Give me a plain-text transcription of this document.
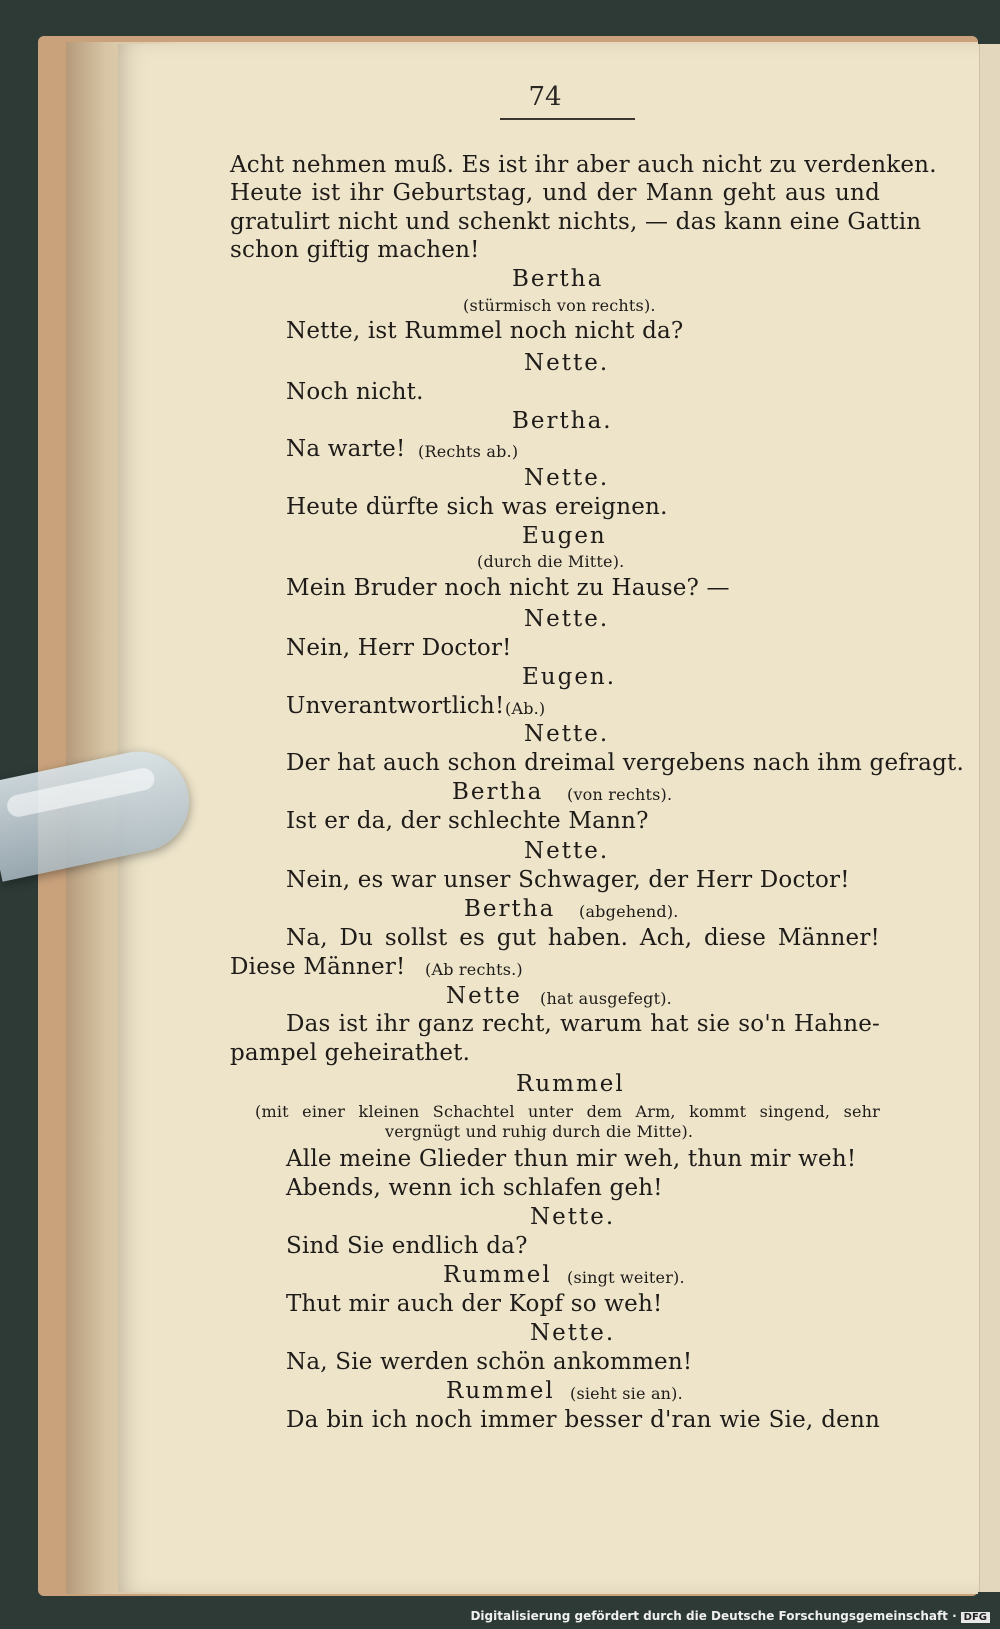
74
Acht nehmen muß. Es ist ihr aber auch nicht zu verdenken.
Heute ist ihr Geburtstag, und der Mann geht aus und
gratulirt nicht und schenkt nichts, — das kann eine Gattin
schon giftig machen!
Bertha
(stürmisch von rechts).
Nette, ist Rummel noch nicht da?
Nette.
Noch nicht.
Bertha.
Na warte! (Rechts ab.)
Nette.
Heute dürfte sich was ereignen.
Eugen
(durch die Mitte).
Mein Bruder noch nicht zu Hause? —
Nette.
Nein, Herr Doctor!
Eugen.
Unverantwortlich! (Ab.)
Nette.
Der hat auch schon dreimal vergebens nach ihm gefragt.
Bertha (von rechts).
Ist er da, der schlechte Mann?
Nette.
Nein, es war unser Schwager, der Herr Doctor!
Bertha (abgehend).
Na, Du sollst es gut haben. Ach, diese Männer!
Diese Männer! (Ab rechts.)
Nette (hat ausgefegt).
Das ist ihr ganz recht, warum hat sie so'n Hahne-
pampel geheirathet.
Rummel
(mit einer kleinen Schachtel unter dem Arm, kommt singend, sehr
vergnügt und ruhig durch die Mitte).
Alle meine Glieder thun mir weh, thun mir weh!
Abends, wenn ich schlafen geh!
Nette.
Sind Sie endlich da?
Rummel (singt weiter).
Thut mir auch der Kopf so weh!
Nette.
Na, Sie werden schön ankommen!
Rummel (sieht sie an).
Da bin ich noch immer besser d'ran wie Sie, denn
Digitalisierung gefördert durch die Deutsche Forschungsgemeinschaft · DFG
